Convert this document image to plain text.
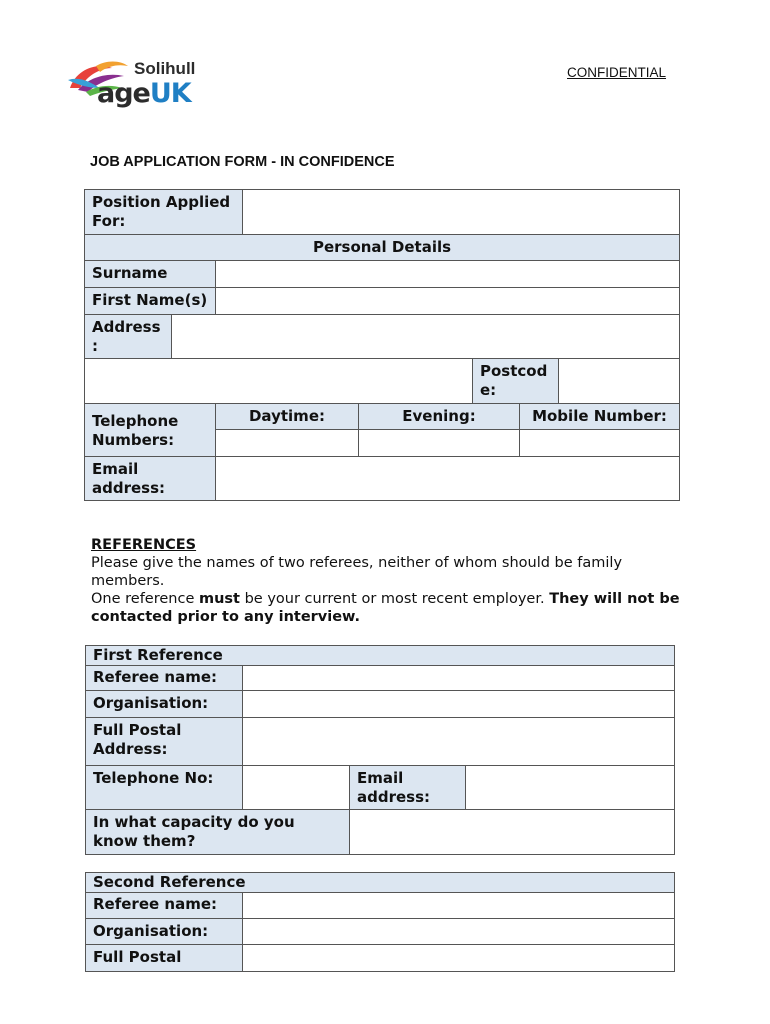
Solihull
ageUK
CONFIDENTIAL
JOB APPLICATION FORM - IN CONFIDENCE
Position Applied For:
Personal Details
Surname
First Name(s)
Address
:
Postcod
e:
Telephone Numbers:
Daytime:	Evening:	Mobile Number:
Email address:
REFERENCES
Please give the names of two referees, neither of whom should be family members.
One reference must be your current or most recent employer. They will not be contacted prior to any interview.
First Reference
Referee name:
Organisation:
Full Postal Address:
Telephone No:	Email address:
In what capacity do you know them?
Second Reference
Referee name:
Organisation:
Full Postal
